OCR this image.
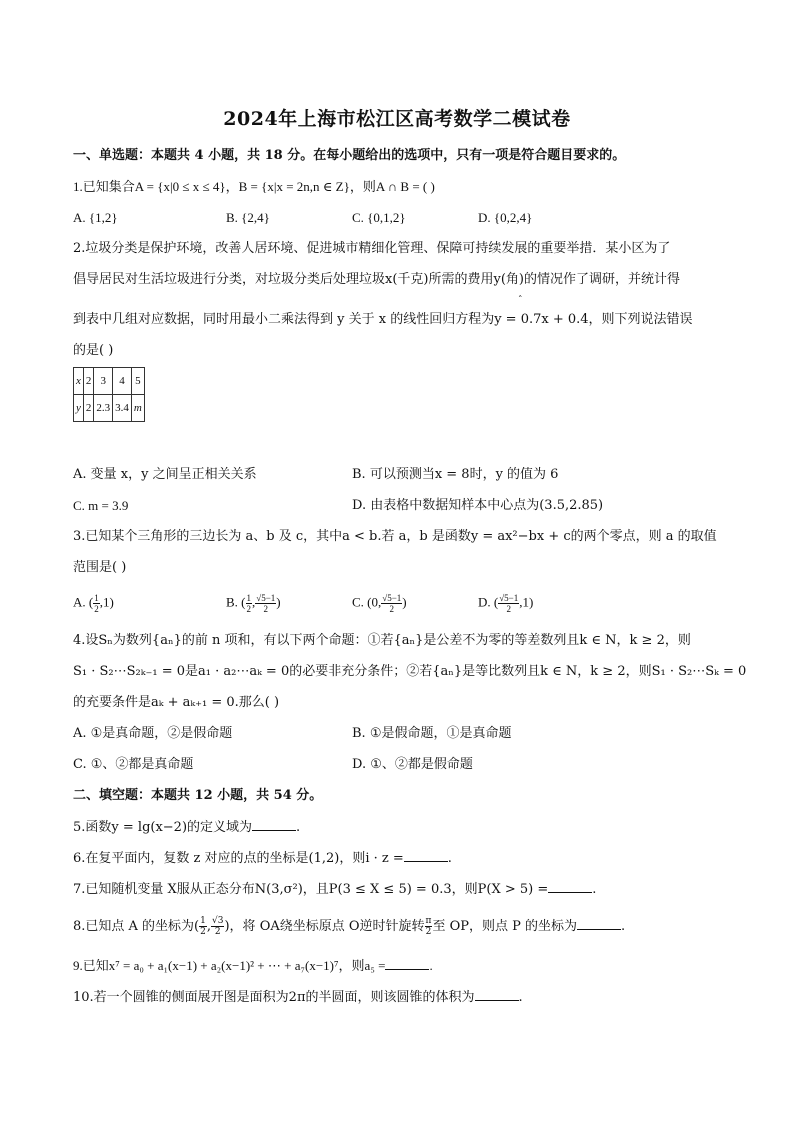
2024年上海市松江区高考数学二模试卷
一、单选题：本题共 4 小题，共 18 分。在每小题给出的选项中，只有一项是符合题目要求的。
1.已知集合A = {x|0 ≤ x ≤ 4}，B = {x|x = 2n,n ∈ Z}，则A ∩ B = ( )
A. {1,2}	B. {2,4}	C. {0,1,2}	D. {0,2,4}
2.垃圾分类是保护环境，改善人居环境、促进城市精细化管理、保障可持续发展的重要举措．某小区为了
倡导居民对生活垃圾进行分类，对垃圾分类后处理垃圾x(千克)所需的费用y(角)的情况作了调研，并统计得
ˆ
到表中几组对应数据，同时用最小二乘法得到 y 关于 x 的线性回归方程为y = 0.7x + 0.4，则下列说法错误
的是( )
x	2	3	4	5
y	2	2.3	3.4	m
A. 变量 x，y 之间呈正相关关系	B. 可以预测当x = 8时，y 的值为 6
C. m = 3.9	D. 由表格中数据知样本中心点为(3.5,2.85)
3.已知某个三角形的三边长为 a、b 及 c，其中a < b.若 a，b 是函数y = ax²−bx + c的两个零点，则 a 的取值
范围是( )
A. ( $\frac{1}{2} ,1$)	B. ( $\frac{1}{2}$ , $\frac{√5-1}{2}$ )	C. (0, $\frac{√5-1}{2}$ )	D. ( $\frac{√5-1}{2} ,1$)
4.设Sₙ为数列{aₙ}的前 n 项和，有以下两个命题：①若{aₙ}是公差不为零的等差数列且k ∈ N，k ≥ 2，则
S₁ · S₂⋯S₂ₖ₋₁ = 0是a₁ · a₂⋯aₖ = 0的必要非充分条件；②若{aₙ}是等比数列且k ∈ N，k ≥ 2，则S₁ · S₂⋯Sₖ = 0
的充要条件是aₖ + aₖ₊₁ = 0.那么( )
A. ①是真命题，②是假命题	B. ①是假命题，①是真命题
C. ①、②都是真命题	D. ①、②都是假命题
二、填空题：本题共 12 小题，共 54 分。
5.函数y = lg(x−2)的定义域为	.
6.在复平面内，复数 z 对应的点的坐标是(1,2)，则i · z =	.
7.已知随机变量 X服从正态分布N(3,σ²)，且P(3 ≤ X ≤ 5) = 0.3，则P(X > 5) =	.
8.已知点 A 的坐标为( $\frac{1}{2}$ , $\frac{√3}{2}$ )，将 OA绕坐标原点 O逆时针旋转 $\frac{\pi}{2}$ 至 OP，则点 P 的坐标为	.
9.已知x⁷ = a₀ + a₁(x−1) + a₂(x−1)² + ⋯ + a₇(x−1)⁷，则a₅ =	.
10.若一个圆锥的侧面展开图是面积为2π的半圆面，则该圆锥的体积为	.
